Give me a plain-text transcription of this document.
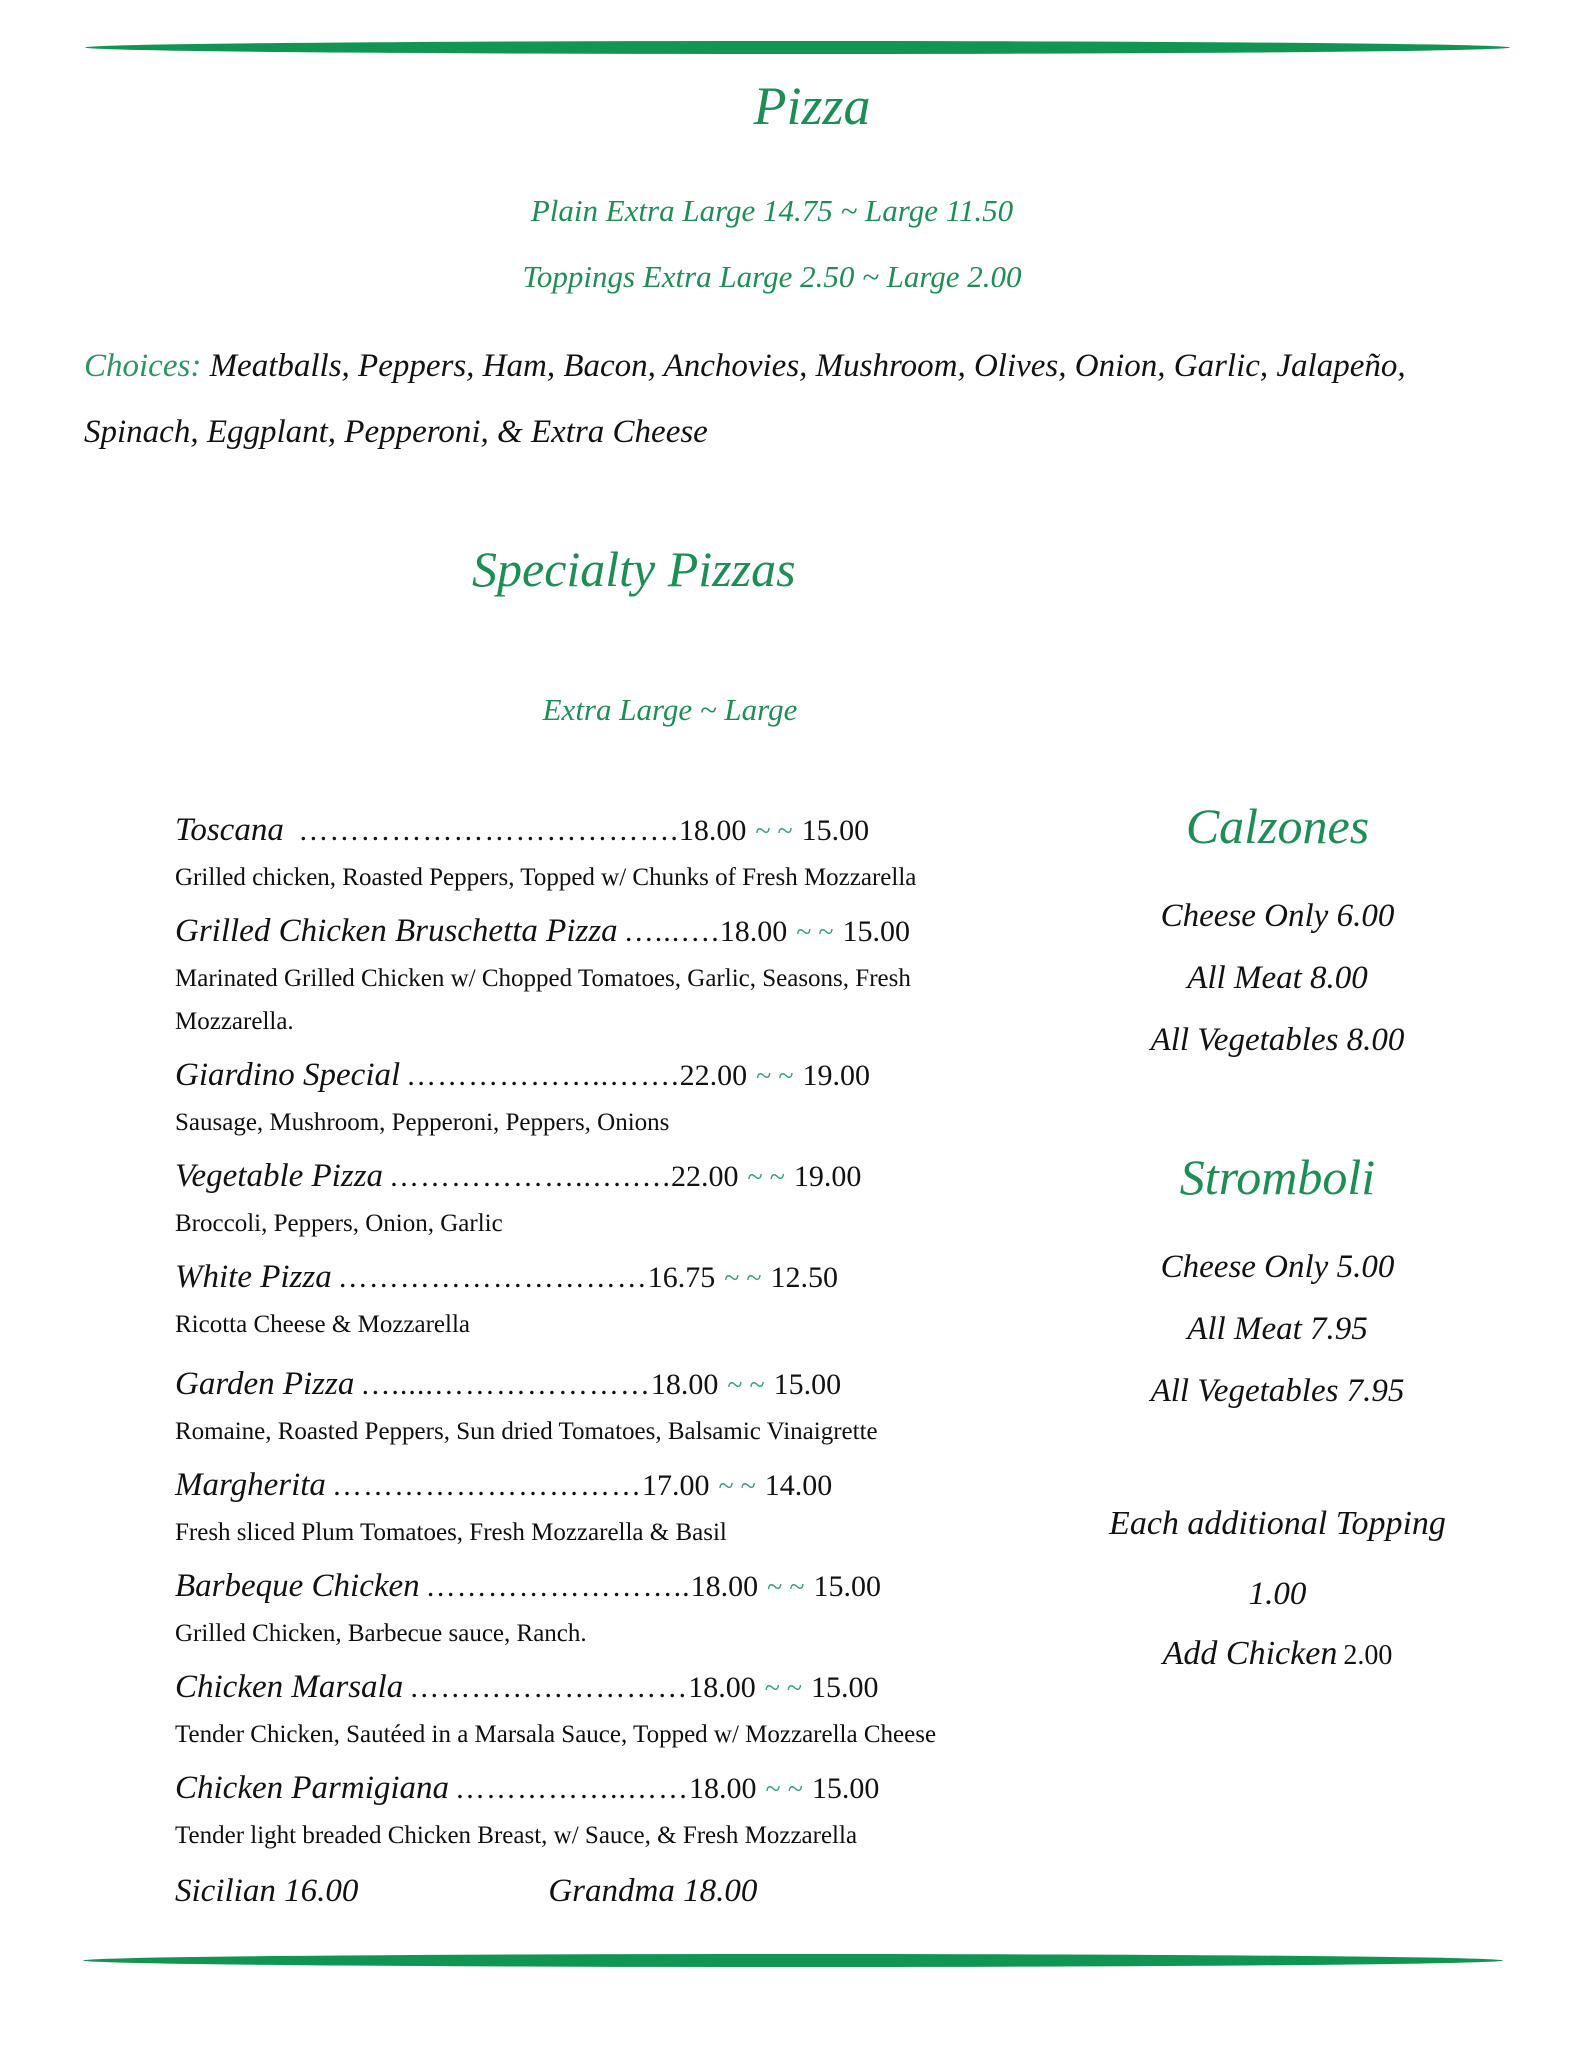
Pizza
Plain Extra Large 14.75 ~ Large 11.50
Toppings Extra Large 2.50 ~ Large 2.00
Choices: Meatballs, Peppers, Ham, Bacon, Anchovies, Mushroom, Olives, Onion, Garlic, Jalapeño, Spinach, Eggplant, Pepperoni, & Extra Cheese
Specialty Pizzas
Extra Large ~ Large
Toscana ……………………………….18.00 ~ ~ 15.00
Grilled chicken, Roasted Peppers, Topped w/ Chunks of Fresh Mozzarella
Grilled Chicken Bruschetta Pizza …...….18.00 ~ ~ 15.00
Marinated Grilled Chicken w/ Chopped Tomatoes, Garlic, Seasons, Fresh Mozzarella.
Giardino Special ………………..…….22.00 ~ ~ 19.00
Sausage, Mushroom, Pepperoni, Peppers, Onions
Vegetable Pizza ………………..….….22.00 ~ ~ 19.00
Broccoli, Peppers, Onion, Garlic
White Pizza …………………………16.75 ~ ~ 12.50
Ricotta Cheese & Mozzarella
Garden Pizza ….....…………………18.00 ~ ~ 15.00
Romaine, Roasted Peppers, Sun dried Tomatoes, Balsamic Vinaigrette
Margherita …………………………17.00 ~ ~ 14.00
Fresh sliced Plum Tomatoes, Fresh Mozzarella & Basil
Barbeque Chicken ……………………..18.00 ~ ~ 15.00
Grilled Chicken, Barbecue sauce, Ranch.
Chicken Marsala ………………………18.00 ~ ~ 15.00
Tender Chicken, Sautéed in a Marsala Sauce, Topped w/ Mozzarella Cheese
Chicken Parmigiana ……………..……18.00 ~ ~ 15.00
Tender light breaded Chicken Breast, w/ Sauce, & Fresh Mozzarella
Sicilian 16.00	Grandma 18.00
Calzones
Cheese Only 6.00
All Meat 8.00
All Vegetables 8.00
Stromboli
Cheese Only 5.00
All Meat 7.95
All Vegetables 7.95
Each additional Topping
1.00
Add Chicken 2.00
